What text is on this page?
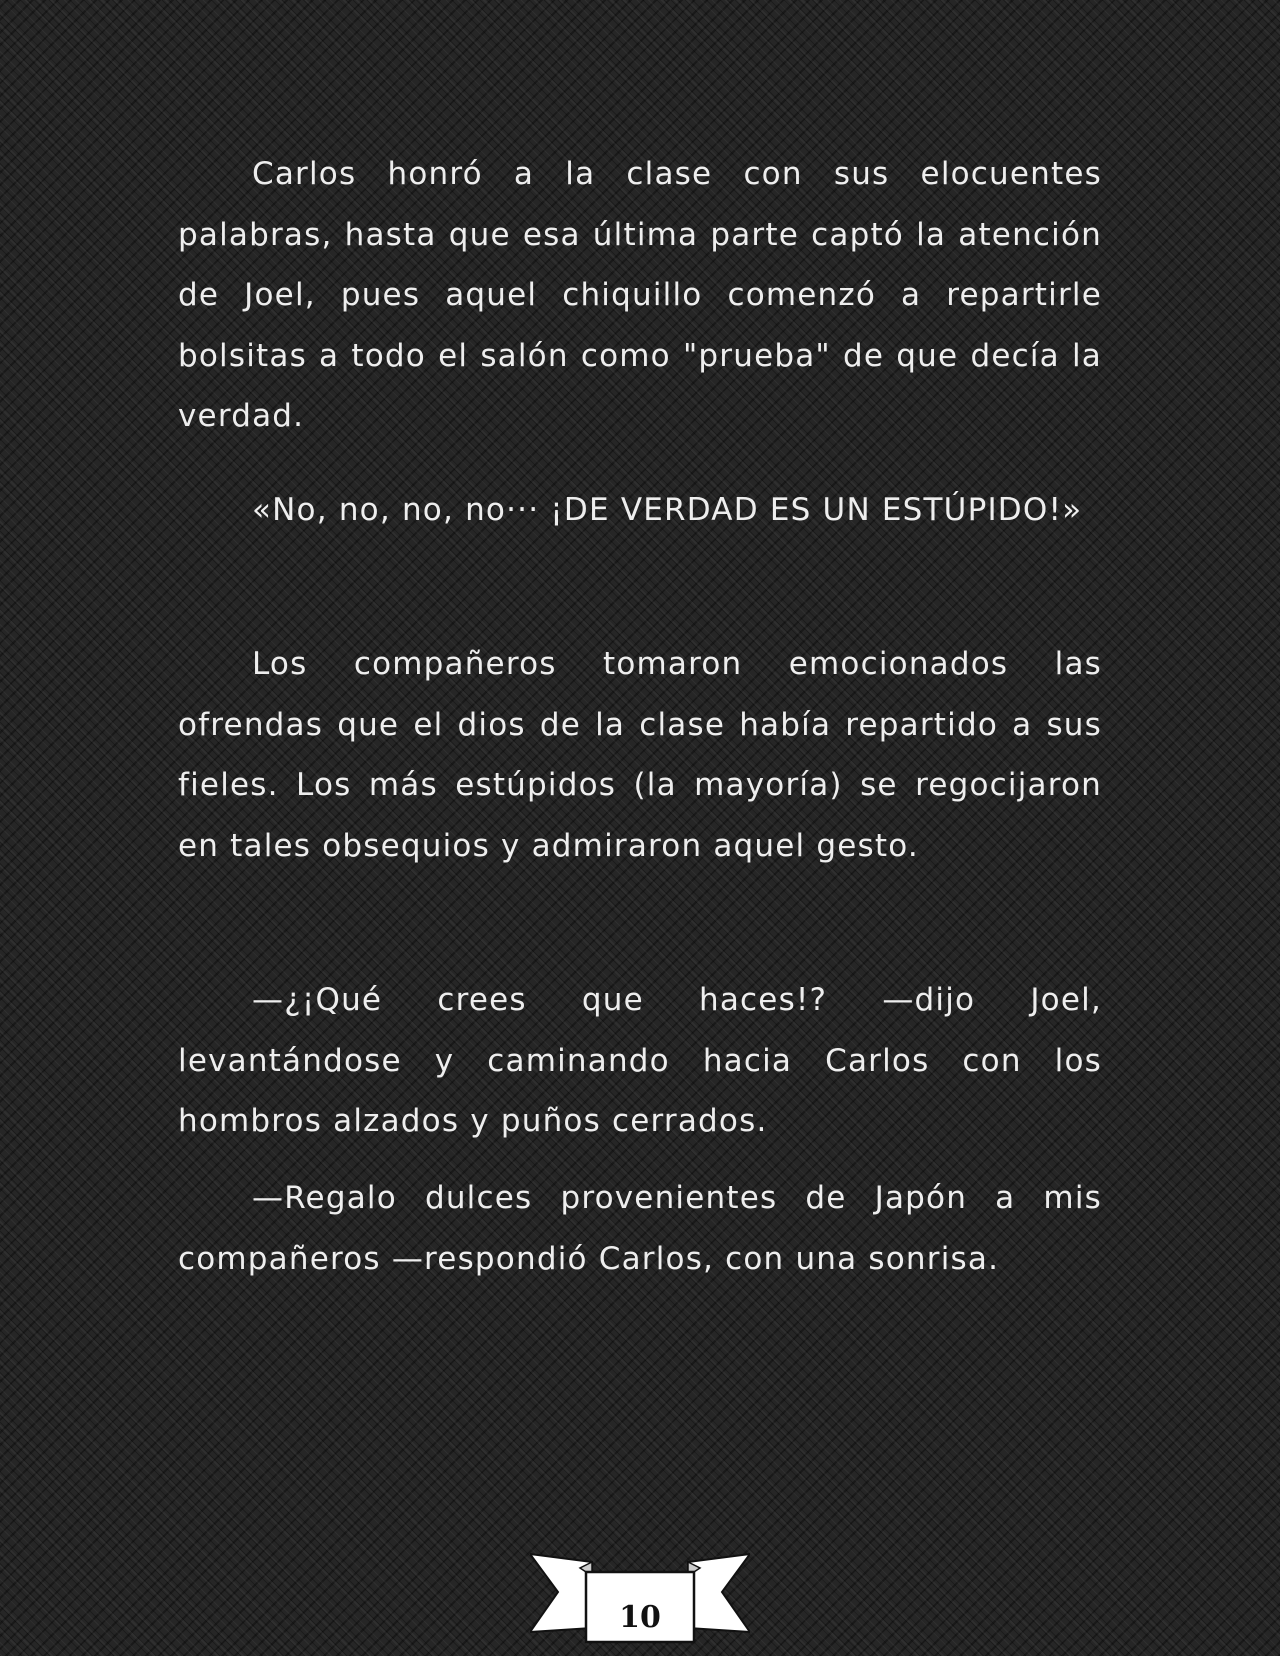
Carlos honró a la clase con sus elocuentes palabras, hasta que esa última parte captó la atención de Joel, pues aquel chiquillo comenzó a repartirle bolsitas a todo el salón como "prueba" de que decía la verdad.

«No, no, no, no··· ¡DE VERDAD ES UN ESTÚPIDO!»

Los compañeros tomaron emocionados las ofrendas que el dios de la clase había repartido a sus fieles. Los más estúpidos (la mayoría) se regocijaron en tales obsequios y admiraron aquel gesto.

—¿¡Qué crees que haces!? —dijo Joel, levantándose y caminando hacia Carlos con los hombros alzados y puños cerrados.

—Regalo dulces provenientes de Japón a mis compañeros —respondió Carlos, con una sonrisa.

10
